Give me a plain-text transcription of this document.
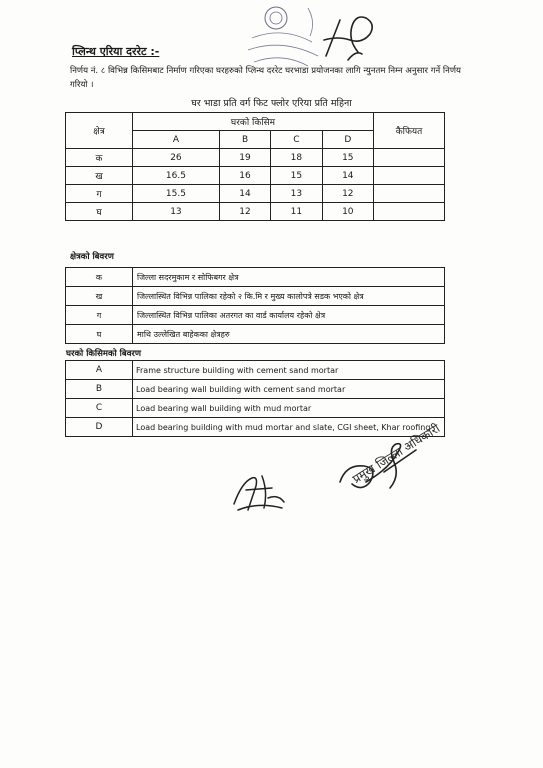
प्लिन्थ एरिया दररेट :-
निर्णय नं. ८ विभिन्न किसिमबाट निर्माण गरिएका घरहरुको प्लिन्थ दररेट घरभाडा प्रयोजनका लागि न्युनतम निम्न अनुसार गर्ने निर्णय गरियो ।
घर भाडा प्रति वर्ग फिट फ्लोर एरिया प्रति महिना
क्षेत्र	घरको किसिम				कैफियत
	A	B	C	D	
क	26	19	18	15	
ख	16.5	16	15	14	
ग	15.5	14	13	12	
घ	13	12	11	10	
क्षेत्रको बिवरण
क	जिल्ला सदरमुकाम र सोफिबगर क्षेत्र
ख	जिल्लास्थित विभिन्न पालिका रहेको २ कि.मि र मुख्य कालोपत्रे सडक भएको क्षेत्र
ग	जिल्लास्थित विभिन्न पालिका अतरगत का वार्ड कार्यालय रहेको क्षेत्र
घ	माथि उल्लेखित बाहेकका क्षेत्रहरु
घरको किसिमको बिवरण
A	Frame structure building with cement sand mortar
B	Load bearing wall building with cement sand mortar
C	Load bearing wall building with mud mortar
D	Load bearing building with mud mortar and slate, CGI sheet, Khar roofing
प्रमुख जिल्ला अधिकारी
